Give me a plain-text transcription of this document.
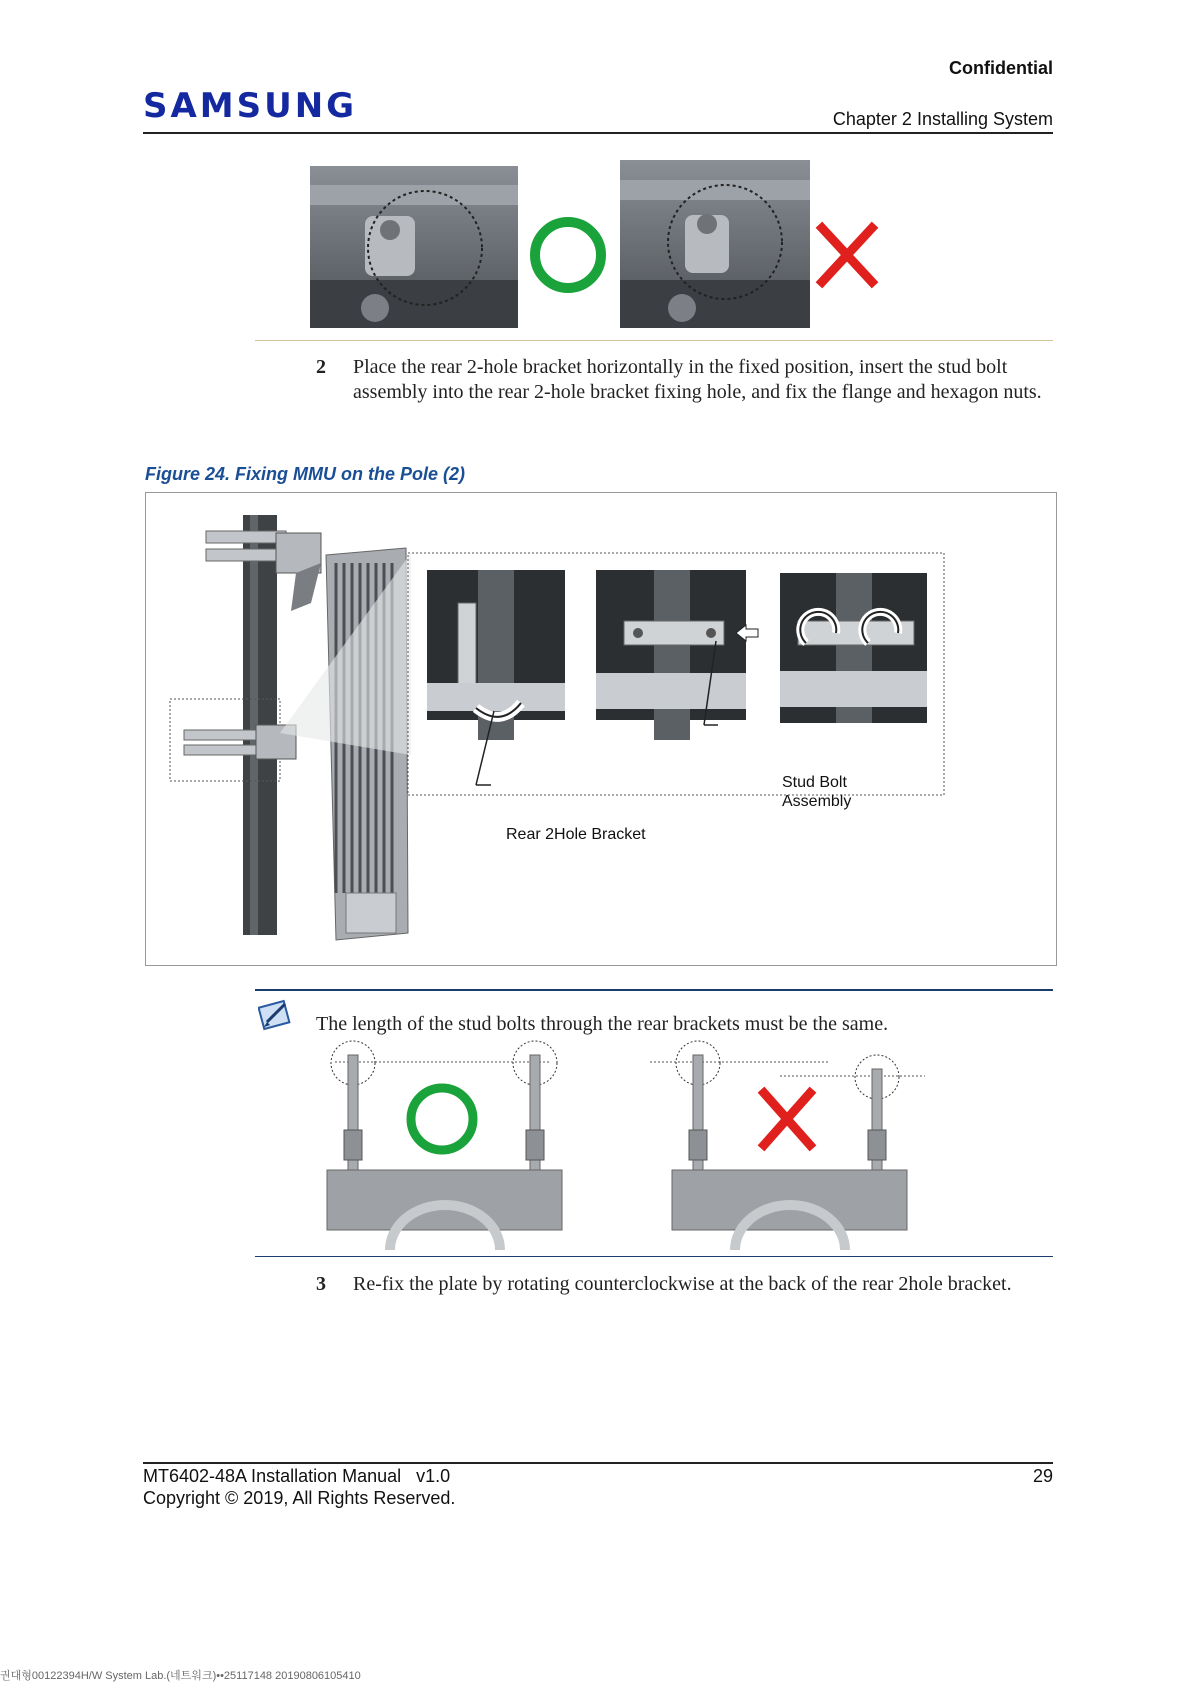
SAMSUNG
Confidential
Chapter 2 Installing System
2 Place the rear 2-hole bracket horizontally in the fixed position, insert the stud bolt assembly into the rear 2-hole bracket fixing hole, and fix the flange and hexagon nuts.
Figure 24. Fixing MMU on the Pole (2)
Stud Bolt
Assembly
Rear 2Hole Bracket
The length of the stud bolts through the rear brackets must be the same.
3 Re-fix the plate by rotating counterclockwise at the back of the rear 2hole bracket.
MT6402-48A Installation Manual v1.0
Copyright © 2019, All Rights Reserved.
29
권대형00122394H/W System Lab.(네트워크)••25117148 20190806105410
